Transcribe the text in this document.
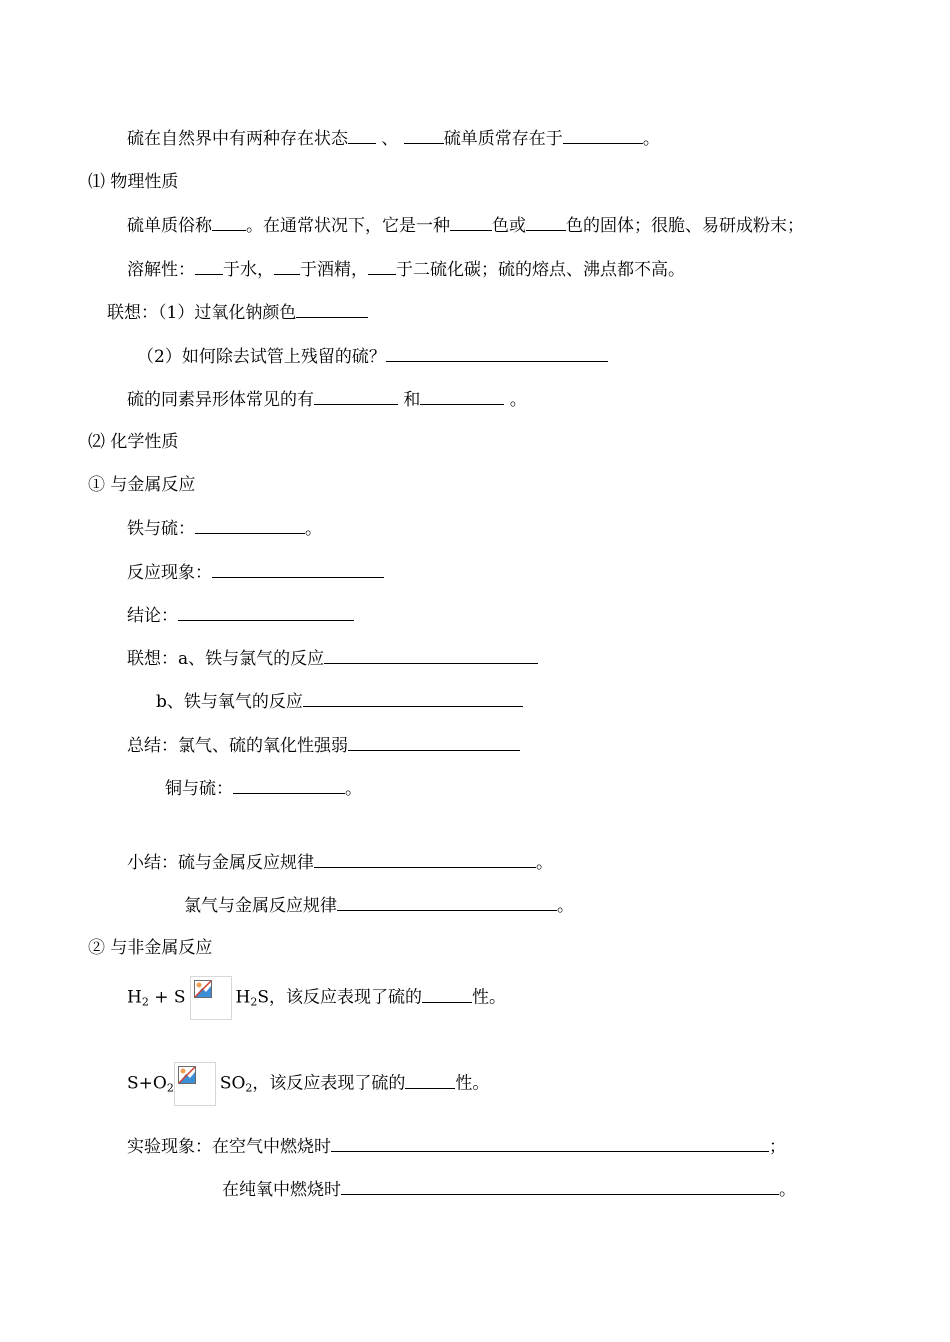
硫在自然界中有两种存在状态 、	硫单质常存在于	。
⑴ 物理性质
硫单质俗称 。在通常状况下，它是一种 色或 色的固体；很脆、易研成粉末；
溶解性： 于水， 于酒精， 于二硫化碳；硫的熔点、沸点都不高。
联想：（1）过氧化钠颜色
（2）如何除去试管上残留的硫？
硫的同素异形体常见的有	和	。
⑵ 化学性质
① 与金属反应
铁与硫：	。
反应现象：
结论：
联想：a、铁与氯气的反应
b、铁与氧气的反应
总结：氯气、硫的氧化性强弱
铜与硫：	。
小结：硫与金属反应规律	。
氯气与金属反应规律	。
② 与非金属反应
$H_2 + S$	$H_2S$，该反应表现了硫的	性。
$S+O_2$	$SO_2$，该反应表现了硫的	性。
实验现象：在空气中燃烧时	；
在纯氧中燃烧时	。
